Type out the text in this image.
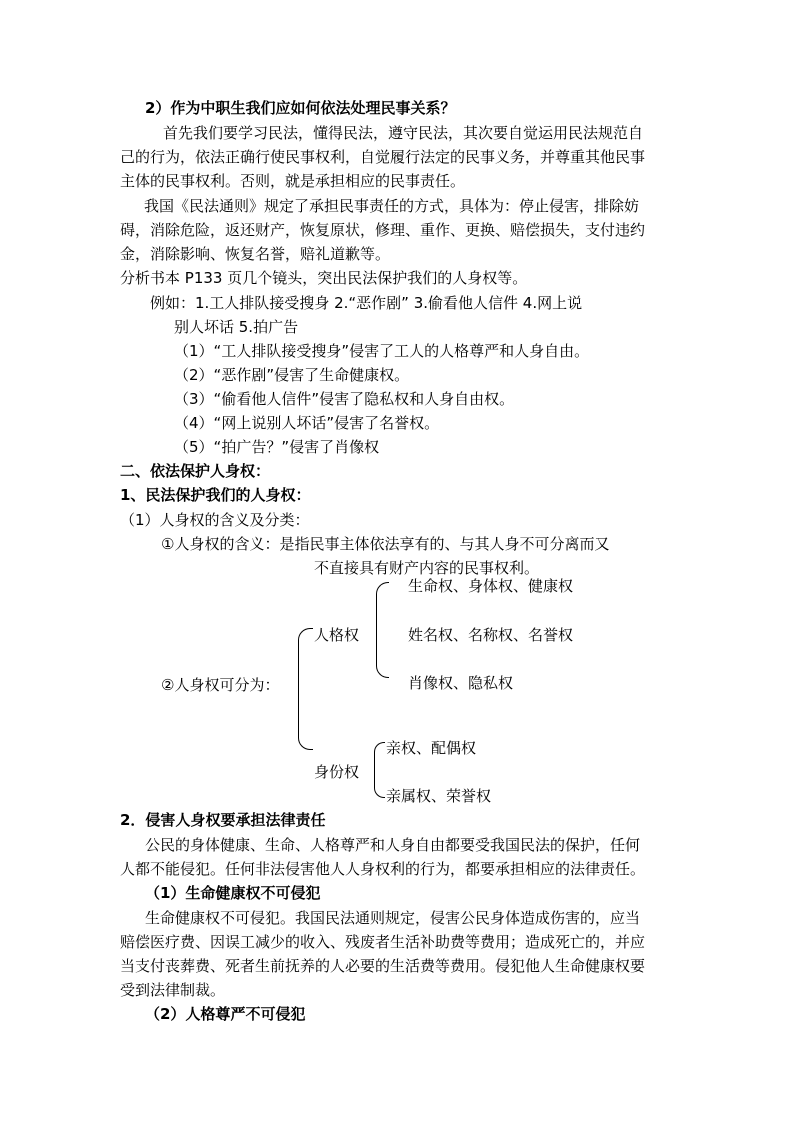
2）作为中职生我们应如何依法处理民事关系？
首先我们要学习民法，懂得民法，遵守民法，其次要自觉运用民法规范自
己的行为，依法正确行使民事权利，自觉履行法定的民事义务，并尊重其他民事
主体的民事权利。否则，就是承担相应的民事责任。
我国《民法通则》规定了承担民事责任的方式，具体为：停止侵害，排除妨
碍，消除危险，返还财产，恢复原状，修理、重作、更换、赔偿损失，支付违约
金，消除影响、恢复名誉，赔礼道歉等。
分析书本 P133 页几个镜头，突出民法保护我们的人身权等。
例如：1.工人排队接受搜身 2.“恶作剧” 3.偷看他人信件 4.网上说
别人坏话 5.拍广告
（1）“工人排队接受搜身”侵害了工人的人格尊严和人身自由。
（2）“恶作剧”侵害了生命健康权。
（3）“偷看他人信件”侵害了隐私权和人身自由权。
（4）“网上说别人坏话”侵害了名誉权。
（5）“拍广告？”侵害了肖像权
二、依法保护人身权：
1、民法保护我们的人身权：
（1）人身权的含义及分类：
①人身权的含义：是指民事主体依法享有的、与其人身不可分离而又
不直接具有财产内容的民事权利。
②人身权可分为：
人格权
生命权、身体权、健康权
姓名权、名称权、名誉权
肖像权、隐私权
身份权
亲权、配偶权
亲属权、荣誉权
2．侵害人身权要承担法律责任
公民的身体健康、生命、人格尊严和人身自由都要受我国民法的保护，任何
人都不能侵犯。任何非法侵害他人人身权利的行为，都要承担相应的法律责任。
（1）生命健康权不可侵犯
生命健康权不可侵犯。我国民法通则规定，侵害公民身体造成伤害的，应当
赔偿医疗费、因误工减少的收入、残废者生活补助费等费用；造成死亡的，并应
当支付丧葬费、死者生前抚养的人必要的生活费等费用。侵犯他人生命健康权要
受到法律制裁。
（2）人格尊严不可侵犯
